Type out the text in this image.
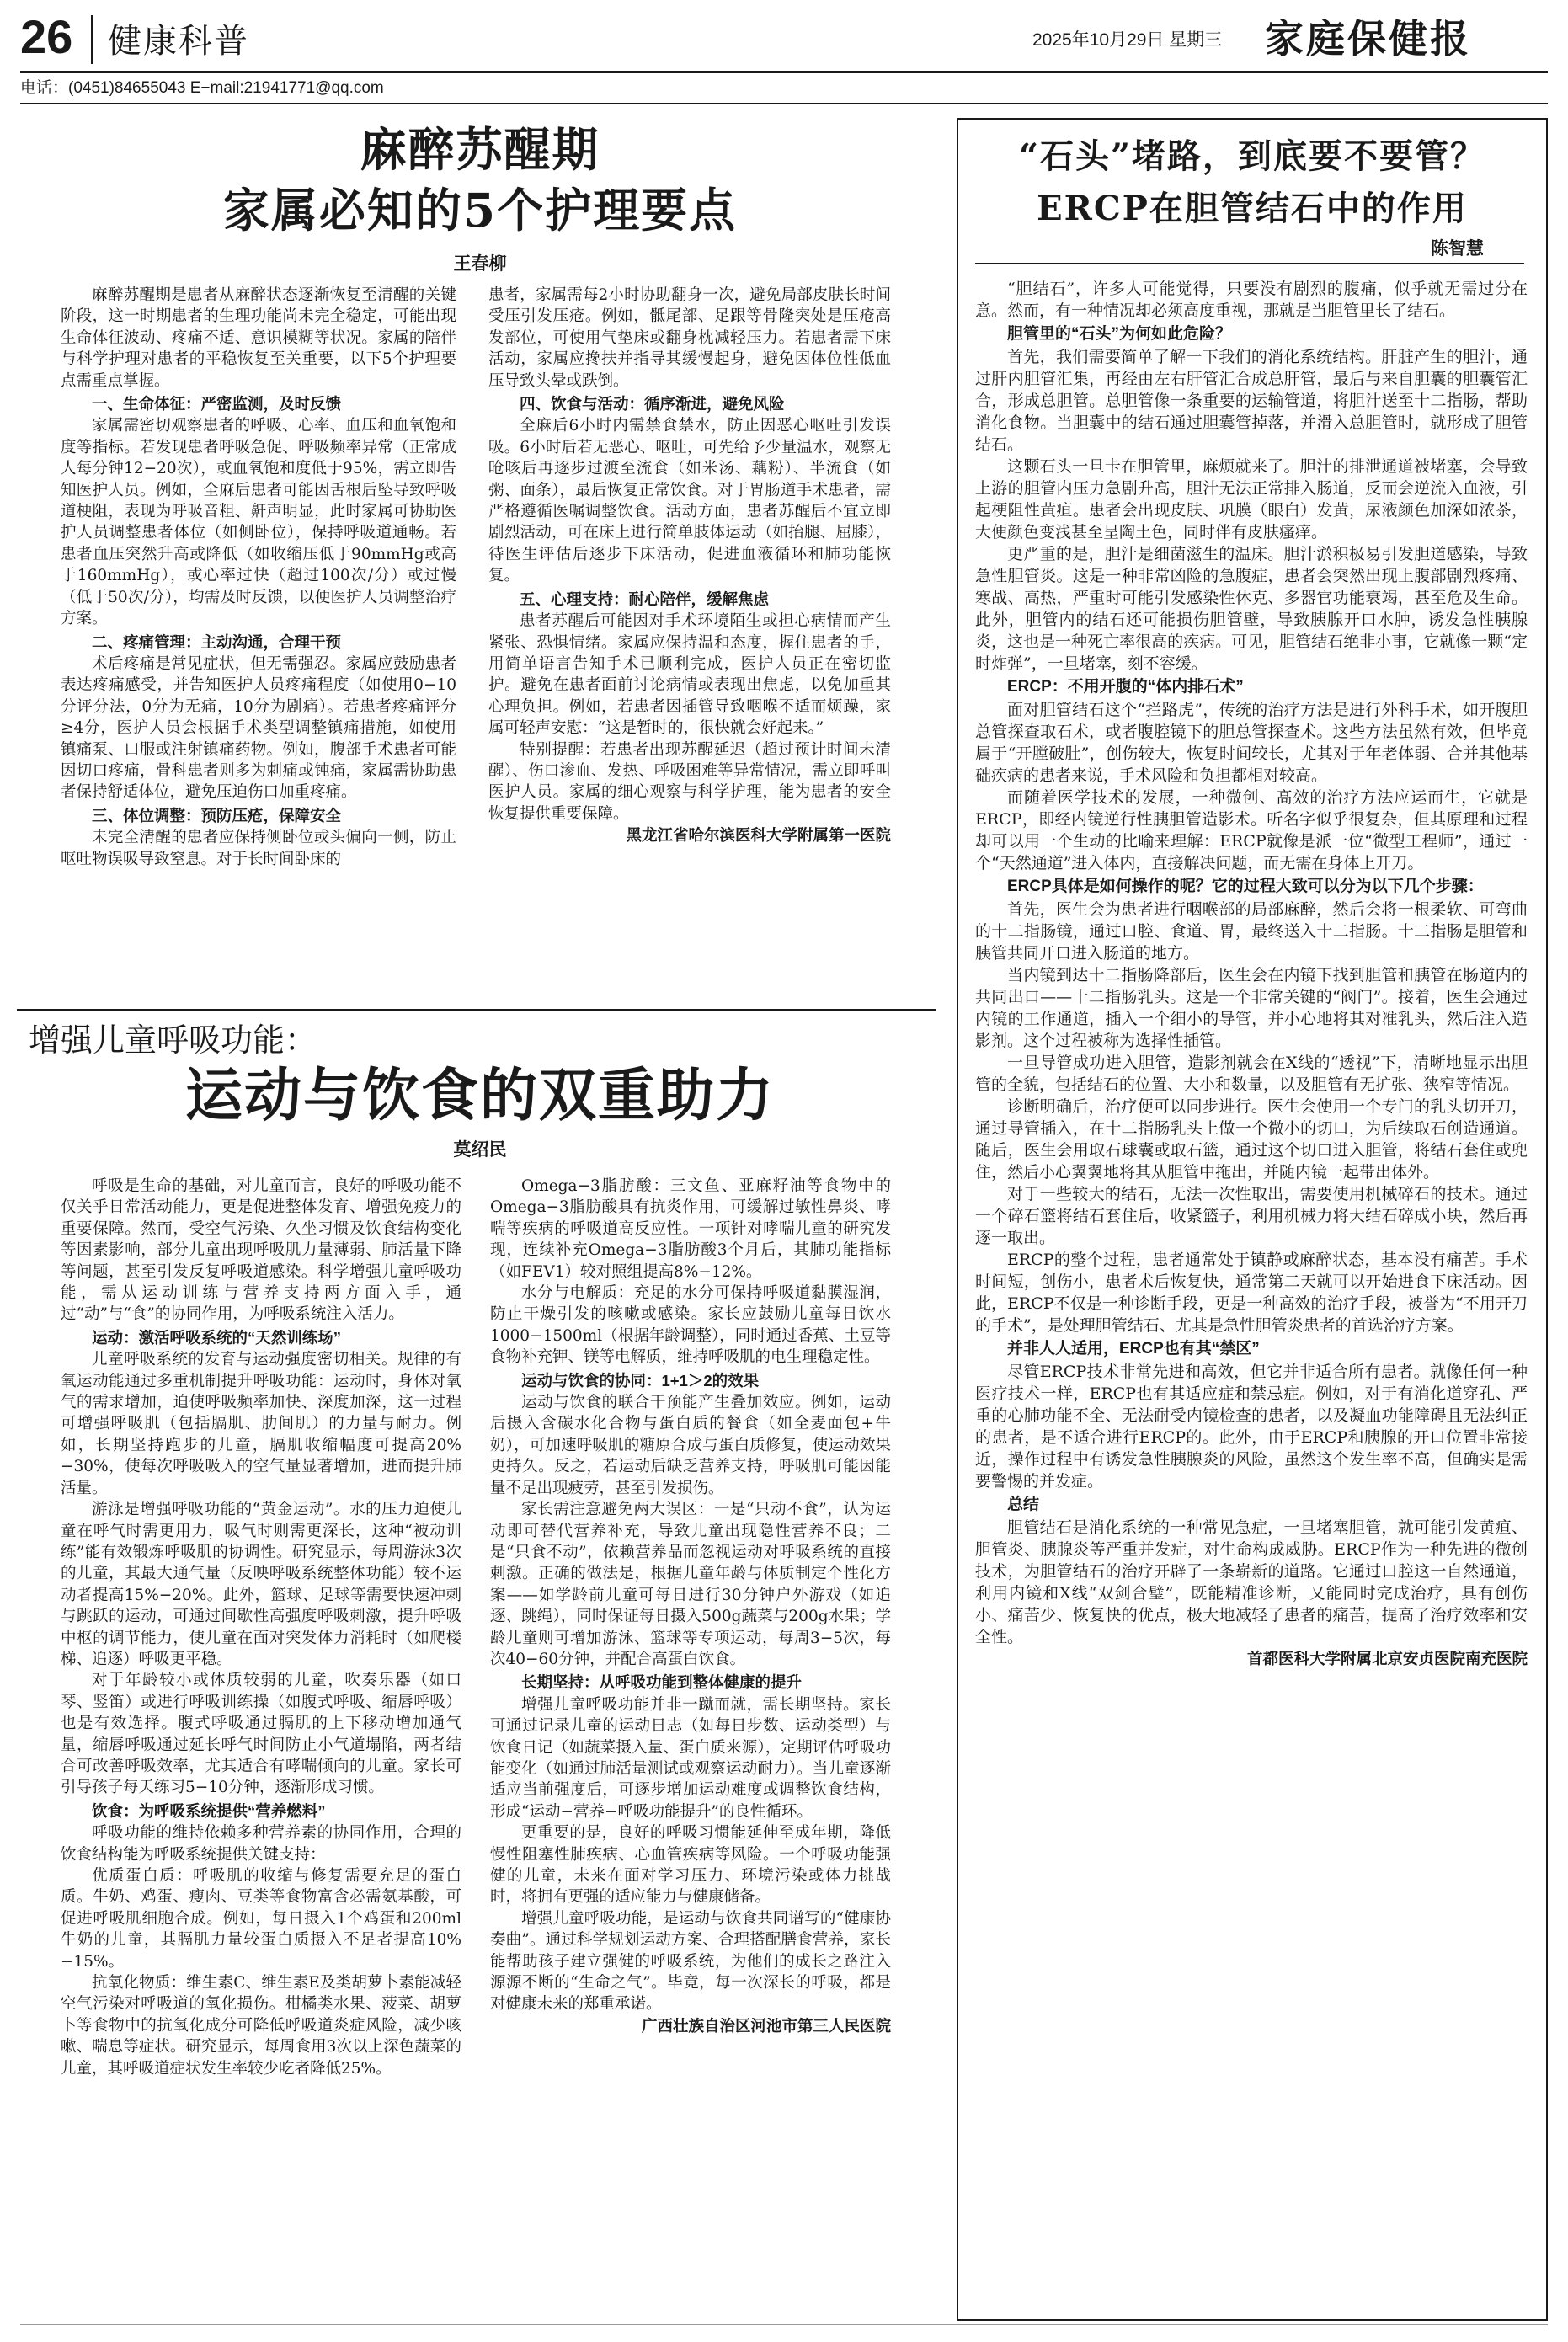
26 健康科普	2025年10月29日 星期三 家庭保健报
电话：(0451)84655043 E−mail:21941771@qq.com
麻醉苏醒期
家属必知的5个护理要点
王春柳

麻醉苏醒期是患者从麻醉状态逐渐恢复至清醒的关键阶段，这一时期患者的生理功能尚未完全稳定，可能出现生命体征波动、疼痛不适、意识模糊等状况。家属的陪伴与科学护理对患者的平稳恢复至关重要，以下5个护理要点需重点掌握。

一、生命体征：严密监测，及时反馈

家属需密切观察患者的呼吸、心率、血压和血氧饱和度等指标。若发现患者呼吸急促、呼吸频率异常（正常成人每分钟12−20次），或血氧饱和度低于95%，需立即告知医护人员。例如，全麻后患者可能因舌根后坠导致呼吸道梗阻，表现为呼吸音粗、鼾声明显，此时家属可协助医护人员调整患者体位（如侧卧位），保持呼吸道通畅。若患者血压突然升高或降低（如收缩压低于90mmHg或高于160mmHg），或心率过快（超过100次/分）或过慢（低于50次/分），均需及时反馈，以便医护人员调整治疗方案。

二、疼痛管理：主动沟通，合理干预

术后疼痛是常见症状，但无需强忍。家属应鼓励患者表达疼痛感受，并告知医护人员疼痛程度（如使用0−10分评分法，0分为无痛，10分为剧痛）。若患者疼痛评分≥4分，医护人员会根据手术类型调整镇痛措施，如使用镇痛泵、口服或注射镇痛药物。例如，腹部手术患者可能因切口疼痛，骨科患者则多为刺痛或钝痛，家属需协助患者保持舒适体位，避免压迫伤口加重疼痛。

三、体位调整：预防压疮，保障安全

未完全清醒的患者应保持侧卧位或头偏向一侧，防止呕吐物误吸导致窒息。对于长时间卧床的

患者，家属需每2小时协助翻身一次，避免局部皮肤长时间受压引发压疮。例如，骶尾部、足跟等骨隆突处是压疮高发部位，可使用气垫床或翻身枕减轻压力。若患者需下床活动，家属应搀扶并指导其缓慢起身，避免因体位性低血压导致头晕或跌倒。

四、饮食与活动：循序渐进，避免风险

全麻后6小时内需禁食禁水，防止因恶心呕吐引发误吸。6小时后若无恶心、呕吐，可先给予少量温水，观察无呛咳后再逐步过渡至流食（如米汤、藕粉）、半流食（如粥、面条），最后恢复正常饮食。对于胃肠道手术患者，需严格遵循医嘱调整饮食。活动方面，患者苏醒后不宜立即剧烈活动，可在床上进行简单肢体运动（如抬腿、屈膝），待医生评估后逐步下床活动，促进血液循环和肺功能恢复。

五、心理支持：耐心陪伴，缓解焦虑

患者苏醒后可能因对手术环境陌生或担心病情而产生紧张、恐惧情绪。家属应保持温和态度，握住患者的手，用简单语言告知手术已顺利完成，医护人员正在密切监护。避免在患者面前讨论病情或表现出焦虑，以免加重其心理负担。例如，若患者因插管导致咽喉不适而烦躁，家属可轻声安慰：“这是暂时的，很快就会好起来。”

特别提醒：若患者出现苏醒延迟（超过预计时间未清醒）、伤口渗血、发热、呼吸困难等异常情况，需立即呼叫医护人员。家属的细心观察与科学护理，能为患者的安全恢复提供重要保障。

黑龙江省哈尔滨医科大学附属第一医院
增强儿童呼吸功能：
运动与饮食的双重助力
莫绍民

呼吸是生命的基础，对儿童而言，良好的呼吸功能不仅关乎日常活动能力，更是促进整体发育、增强免疫力的重要保障。然而，受空气污染、久坐习惯及饮食结构变化等因素影响，部分儿童出现呼吸肌力量薄弱、肺活量下降等问题，甚至引发反复呼吸道感染。科学增强儿童呼吸功能，需从运动训练与营养支持两方面入手，通过“动”与“食”的协同作用，为呼吸系统注入活力。

运动：激活呼吸系统的“天然训练场”

儿童呼吸系统的发育与运动强度密切相关。规律的有氧运动能通过多重机制提升呼吸功能：运动时，身体对氧气的需求增加，迫使呼吸频率加快、深度加深，这一过程可增强呼吸肌（包括膈肌、肋间肌）的力量与耐力。例如，长期坚持跑步的儿童，膈肌收缩幅度可提高20%−30%，使每次呼吸吸入的空气量显著增加，进而提升肺活量。

游泳是增强呼吸功能的“黄金运动”。水的压力迫使儿童在呼气时需更用力，吸气时则需更深长，这种“被动训练”能有效锻炼呼吸肌的协调性。研究显示，每周游泳3次的儿童，其最大通气量（反映呼吸系统整体功能）较不运动者提高15%−20%。此外，篮球、足球等需要快速冲刺与跳跃的运动，可通过间歇性高强度呼吸刺激，提升呼吸中枢的调节能力，使儿童在面对突发体力消耗时（如爬楼梯、追逐）呼吸更平稳。

对于年龄较小或体质较弱的儿童，吹奏乐器（如口琴、竖笛）或进行呼吸训练操（如腹式呼吸、缩唇呼吸）也是有效选择。腹式呼吸通过膈肌的上下移动增加通气量，缩唇呼吸通过延长呼气时间防止小气道塌陷，两者结合可改善呼吸效率，尤其适合有哮喘倾向的儿童。家长可引导孩子每天练习5−10分钟，逐渐形成习惯。

饮食：为呼吸系统提供“营养燃料”

呼吸功能的维持依赖多种营养素的协同作用，合理的饮食结构能为呼吸系统提供关键支持：

优质蛋白质：呼吸肌的收缩与修复需要充足的蛋白质。牛奶、鸡蛋、瘦肉、豆类等食物富含必需氨基酸，可促进呼吸肌细胞合成。例如，每日摄入1个鸡蛋和200ml牛奶的儿童，其膈肌力量较蛋白质摄入不足者提高10%−15%。

抗氧化物质：维生素C、维生素E及类胡萝卜素能减轻空气污染对呼吸道的氧化损伤。柑橘类水果、菠菜、胡萝卜等食物中的抗氧化成分可降低呼吸道炎症风险，减少咳嗽、喘息等症状。研究显示，每周食用3次以上深色蔬菜的儿童，其呼吸道症状发生率较少吃者降低25%。

Omega−3脂肪酸：三文鱼、亚麻籽油等食物中的Omega−3脂肪酸具有抗炎作用，可缓解过敏性鼻炎、哮喘等疾病的呼吸道高反应性。一项针对哮喘儿童的研究发现，连续补充Omega−3脂肪酸3个月后，其肺功能指标（如FEV1）较对照组提高8%−12%。

水分与电解质：充足的水分可保持呼吸道黏膜湿润，防止干燥引发的咳嗽或感染。家长应鼓励儿童每日饮水1000−1500ml（根据年龄调整），同时通过香蕉、土豆等食物补充钾、镁等电解质，维持呼吸肌的电生理稳定性。

运动与饮食的协同：1+1＞2的效果

运动与饮食的联合干预能产生叠加效应。例如，运动后摄入含碳水化合物与蛋白质的餐食（如全麦面包+牛奶），可加速呼吸肌的糖原合成与蛋白质修复，使运动效果更持久。反之，若运动后缺乏营养支持，呼吸肌可能因能量不足出现疲劳，甚至引发损伤。

家长需注意避免两大误区：一是“只动不食”，认为运动即可替代营养补充，导致儿童出现隐性营养不良；二是“只食不动”，依赖营养品而忽视运动对呼吸系统的直接刺激。正确的做法是，根据儿童年龄与体质制定个性化方案——如学龄前儿童可每日进行30分钟户外游戏（如追逐、跳绳），同时保证每日摄入500g蔬菜与200g水果；学龄儿童则可增加游泳、篮球等专项运动，每周3−5次，每次40−60分钟，并配合高蛋白饮食。

长期坚持：从呼吸功能到整体健康的提升

增强儿童呼吸功能并非一蹴而就，需长期坚持。家长可通过记录儿童的运动日志（如每日步数、运动类型）与饮食日记（如蔬菜摄入量、蛋白质来源），定期评估呼吸功能变化（如通过肺活量测试或观察运动耐力）。当儿童逐渐适应当前强度后，可逐步增加运动难度或调整饮食结构，形成“运动−营养−呼吸功能提升”的良性循环。

更重要的是，良好的呼吸习惯能延伸至成年期，降低慢性阻塞性肺疾病、心血管疾病等风险。一个呼吸功能强健的儿童，未来在面对学习压力、环境污染或体力挑战时，将拥有更强的适应能力与健康储备。

增强儿童呼吸功能，是运动与饮食共同谱写的“健康协奏曲”。通过科学规划运动方案、合理搭配膳食营养，家长能帮助孩子建立强健的呼吸系统，为他们的成长之路注入源源不断的“生命之气”。毕竟，每一次深长的呼吸，都是对健康未来的郑重承诺。

广西壮族自治区河池市第三人民医院
“石头”堵路，到底要不要管？
ERCP在胆管结石中的作用
陈智慧

“胆结石”，许多人可能觉得，只要没有剧烈的腹痛，似乎就无需过分在意。然而，有一种情况却必须高度重视，那就是当胆管里长了结石。

胆管里的“石头”为何如此危险？

首先，我们需要简单了解一下我们的消化系统结构。肝脏产生的胆汁，通过肝内胆管汇集，再经由左右肝管汇合成总肝管，最后与来自胆囊的胆囊管汇合，形成总胆管。总胆管像一条重要的运输管道，将胆汁送至十二指肠，帮助消化食物。当胆囊中的结石通过胆囊管掉落，并滑入总胆管时，就形成了胆管结石。

这颗石头一旦卡在胆管里，麻烦就来了。胆汁的排泄通道被堵塞，会导致上游的胆管内压力急剧升高，胆汁无法正常排入肠道，反而会逆流入血液，引起梗阻性黄疸。患者会出现皮肤、巩膜（眼白）发黄，尿液颜色加深如浓茶，大便颜色变浅甚至呈陶土色，同时伴有皮肤瘙痒。

更严重的是，胆汁是细菌滋生的温床。胆汁淤积极易引发胆道感染，导致急性胆管炎。这是一种非常凶险的急腹症，患者会突然出现上腹部剧烈疼痛、寒战、高热，严重时可能引发感染性休克、多器官功能衰竭，甚至危及生命。此外，胆管内的结石还可能损伤胆管壁，导致胰腺开口水肿，诱发急性胰腺炎，这也是一种死亡率很高的疾病。可见，胆管结石绝非小事，它就像一颗“定时炸弹”，一旦堵塞，刻不容缓。

ERCP：不用开腹的“体内排石术”

面对胆管结石这个“拦路虎”，传统的治疗方法是进行外科手术，如开腹胆总管探查取石术，或者腹腔镜下的胆总管探查术。这些方法虽然有效，但毕竟属于“开膛破肚”，创伤较大，恢复时间较长，尤其对于年老体弱、合并其他基础疾病的患者来说，手术风险和负担都相对较高。

而随着医学技术的发展，一种微创、高效的治疗方法应运而生，它就是ERCP，即经内镜逆行性胰胆管造影术。听名字似乎很复杂，但其原理和过程却可以用一个生动的比喻来理解：ERCP就像是派一位“微型工程师”，通过一个“天然通道”进入体内，直接解决问题，而无需在身体上开刀。

ERCP具体是如何操作的呢？它的过程大致可以分为以下几个步骤：

首先，医生会为患者进行咽喉部的局部麻醉，然后会将一根柔软、可弯曲的十二指肠镜，通过口腔、食道、胃，最终送入十二指肠。十二指肠是胆管和胰管共同开口进入肠道的地方。

当内镜到达十二指肠降部后，医生会在内镜下找到胆管和胰管在肠道内的共同出口——十二指肠乳头。这是一个非常关键的“阀门”。接着，医生会通过内镜的工作通道，插入一个细小的导管，并小心地将其对准乳头，然后注入造影剂。这个过程被称为选择性插管。

一旦导管成功进入胆管，造影剂就会在X线的“透视”下，清晰地显示出胆管的全貌，包括结石的位置、大小和数量，以及胆管有无扩张、狭窄等情况。

诊断明确后，治疗便可以同步进行。医生会使用一个专门的乳头切开刀，通过导管插入，在十二指肠乳头上做一个微小的切口，为后续取石创造通道。随后，医生会用取石球囊或取石篮，通过这个切口进入胆管，将结石套住或兜住，然后小心翼翼地将其从胆管中拖出，并随内镜一起带出体外。

对于一些较大的结石，无法一次性取出，需要使用机械碎石的技术。通过一个碎石篮将结石套住后，收紧篮子，利用机械力将大结石碎成小块，然后再逐一取出。

ERCP的整个过程，患者通常处于镇静或麻醉状态，基本没有痛苦。手术时间短，创伤小，患者术后恢复快，通常第二天就可以开始进食下床活动。因此，ERCP不仅是一种诊断手段，更是一种高效的治疗手段，被誉为“不用开刀的手术”，是处理胆管结石、尤其是急性胆管炎患者的首选治疗方案。

并非人人适用，ERCP也有其“禁区”

尽管ERCP技术非常先进和高效，但它并非适合所有患者。就像任何一种医疗技术一样，ERCP也有其适应症和禁忌症。例如，对于有消化道穿孔、严重的心肺功能不全、无法耐受内镜检查的患者，以及凝血功能障碍且无法纠正的患者，是不适合进行ERCP的。此外，由于ERCP和胰腺的开口位置非常接近，操作过程中有诱发急性胰腺炎的风险，虽然这个发生率不高，但确实是需要警惕的并发症。

总结

胆管结石是消化系统的一种常见急症，一旦堵塞胆管，就可能引发黄疸、胆管炎、胰腺炎等严重并发症，对生命构成威胁。ERCP作为一种先进的微创技术，为胆管结石的治疗开辟了一条崭新的道路。它通过口腔这一自然通道，利用内镜和X线“双剑合璧”，既能精准诊断，又能同时完成治疗，具有创伤小、痛苦少、恢复快的优点，极大地减轻了患者的痛苦，提高了治疗效率和安全性。

首都医科大学附属北京安贞医院南充医院
